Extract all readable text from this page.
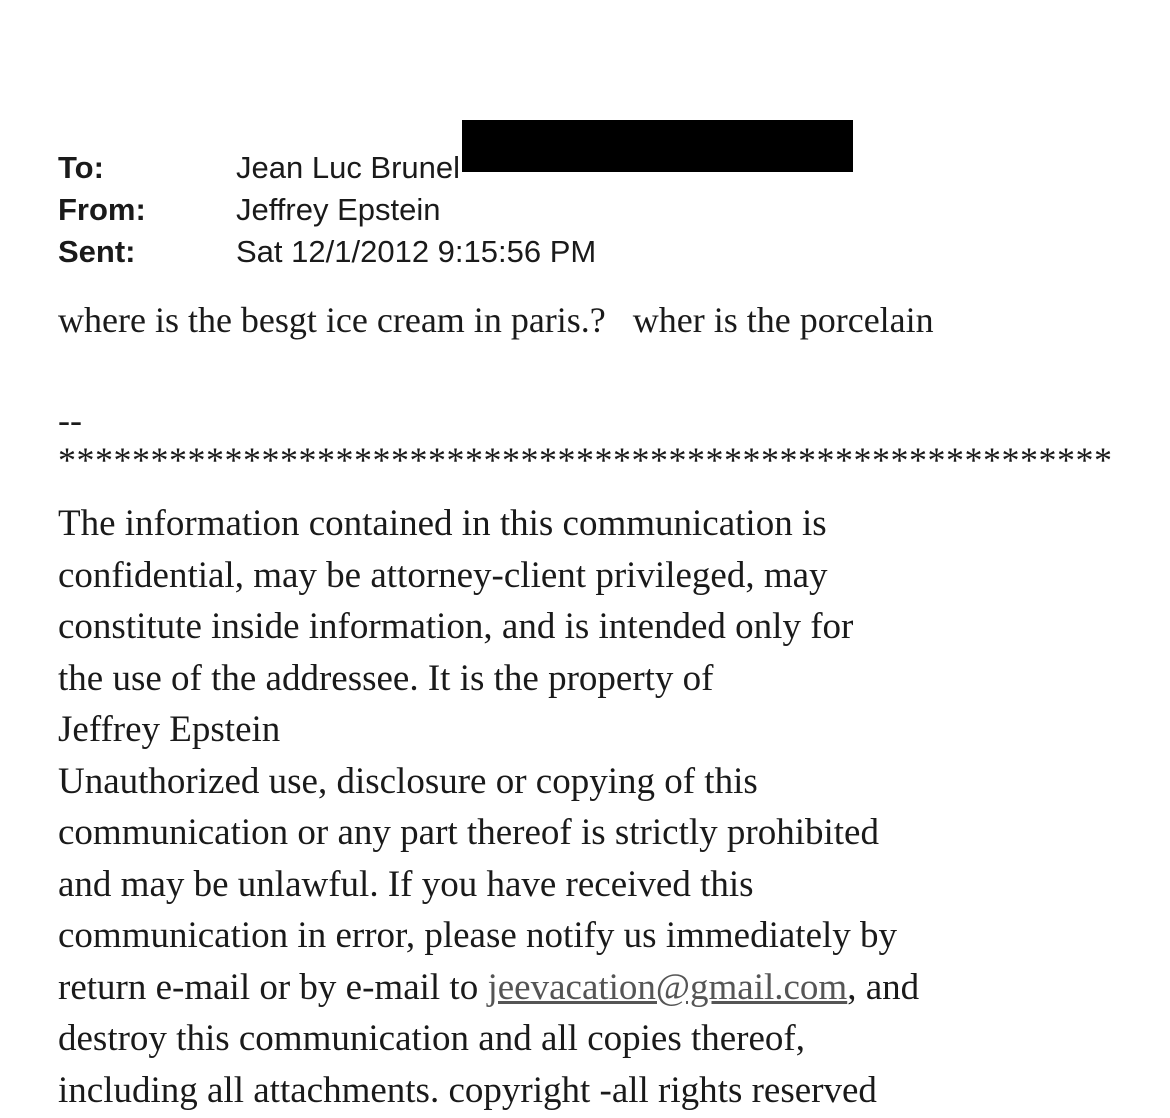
To:	Jean Luc Brunel
From:	Jeffrey Epstein
Sent:	Sat 12/1/2012 9:15:56 PM
where is the besgt ice cream in paris.?   wher is the porcelain
--
*********************************************************
The information contained in this communication is
confidential, may be attorney-client privileged, may
constitute inside information, and is intended only for
the use of the addressee. It is the property of
Jeffrey Epstein
Unauthorized use, disclosure or copying of this
communication or any part thereof is strictly prohibited
and may be unlawful. If you have received this
communication in error, please notify us immediately by
return e-mail or by e-mail to jeevacation@gmail.com, and
destroy this communication and all copies thereof,
including all attachments. copyright -all rights reserved
